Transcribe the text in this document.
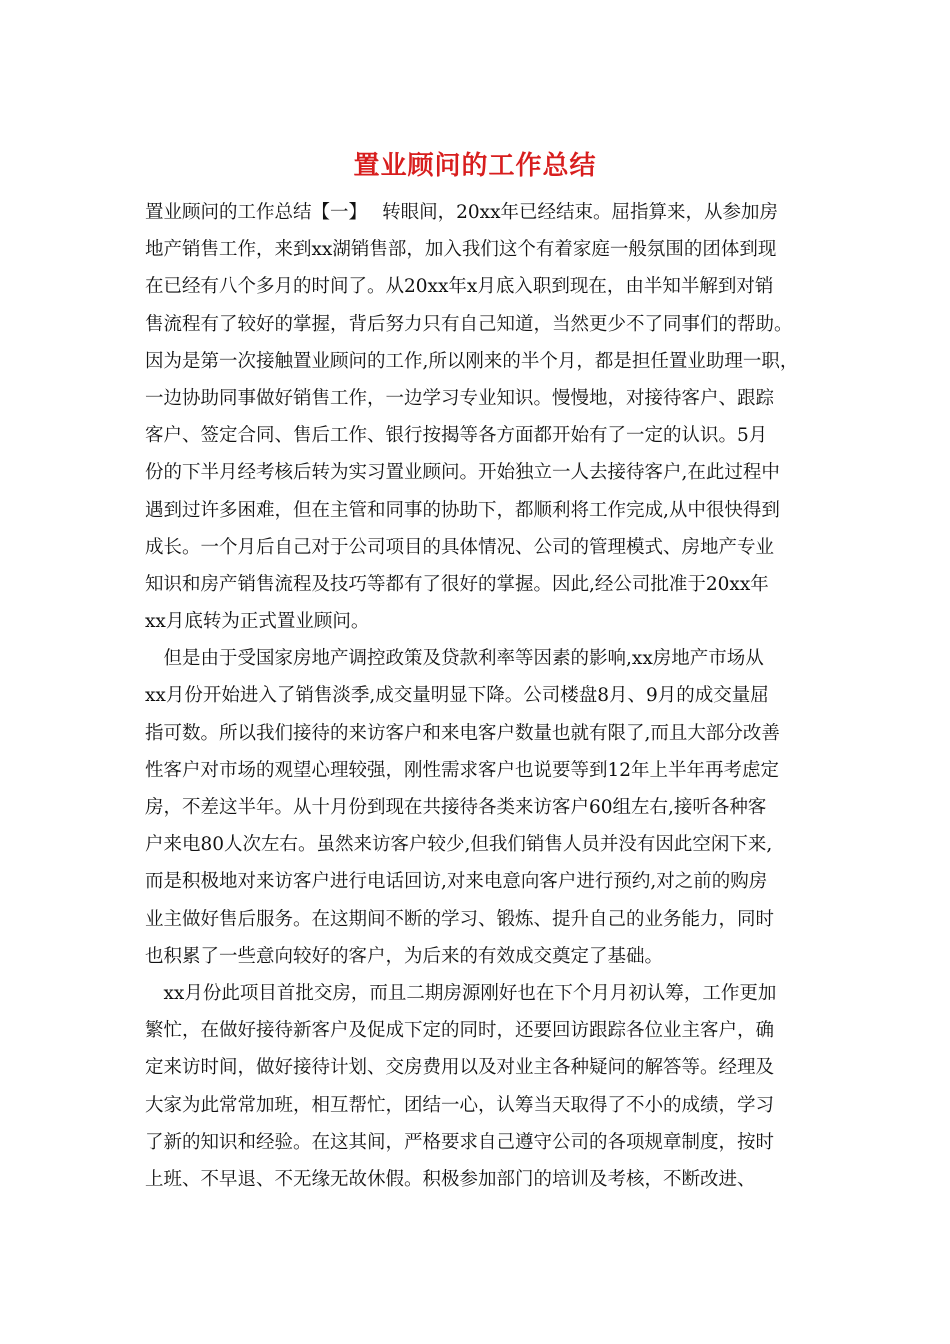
置业顾问的工作总结
置业顾问的工作总结【一】　 转眼间，20xx年已经结束。屈指算来，从参加房
地产销售工作，来到xx湖销售部，加入我们这个有着家庭一般氛围的团体到现
在已经有八个多月的时间了。从20xx年x月底入职到现在，由半知半解到对销
售流程有了较好的掌握，背后努力只有自己知道，当然更少不了同事们的帮助。
因为是第一次接触置业顾问的工作,所以刚来的半个月，都是担任置业助理一职，
一边协助同事做好销售工作，一边学习专业知识。慢慢地，对接待客户、跟踪
客户、签定合同、售后工作、银行按揭等各方面都开始有了一定的认识。5月
份的下半月经考核后转为实习置业顾问。开始独立一人去接待客户,在此过程中
遇到过许多困难，但在主管和同事的协助下，都顺利将工作完成,从中很快得到
成长。一个月后自己对于公司项目的具体情况、公司的管理模式、房地产专业
知识和房产销售流程及技巧等都有了很好的掌握。因此,经公司批准于20xx年
xx月底转为正式置业顾问。
　但是由于受国家房地产调控政策及贷款利率等因素的影响,xx房地产市场从
xx月份开始进入了销售淡季,成交量明显下降。公司楼盘8月、9月的成交量屈
指可数。所以我们接待的来访客户和来电客户数量也就有限了,而且大部分改善
性客户对市场的观望心理较强，刚性需求客户也说要等到12年上半年再考虑定
房，不差这半年。从十月份到现在共接待各类来访客户60组左右,接听各种客
户来电80人次左右。虽然来访客户较少,但我们销售人员并没有因此空闲下来,
而是积极地对来访客户进行电话回访,对来电意向客户进行预约,对之前的购房
业主做好售后服务。在这期间不断的学习、锻炼、提升自己的业务能力，同时
也积累了一些意向较好的客户，为后来的有效成交奠定了基础。
　xx月份此项目首批交房，而且二期房源刚好也在下个月月初认筹，工作更加
繁忙，在做好接待新客户及促成下定的同时，还要回访跟踪各位业主客户，确
定来访时间，做好接待计划、交房费用以及对业主各种疑问的解答等。经理及
大家为此常常加班，相互帮忙，团结一心，认筹当天取得了不小的成绩，学习
了新的知识和经验。在这其间，严格要求自己遵守公司的各项规章制度，按时
上班、不早退、不无缘无故休假。积极参加部门的培训及考核，不断改进、
